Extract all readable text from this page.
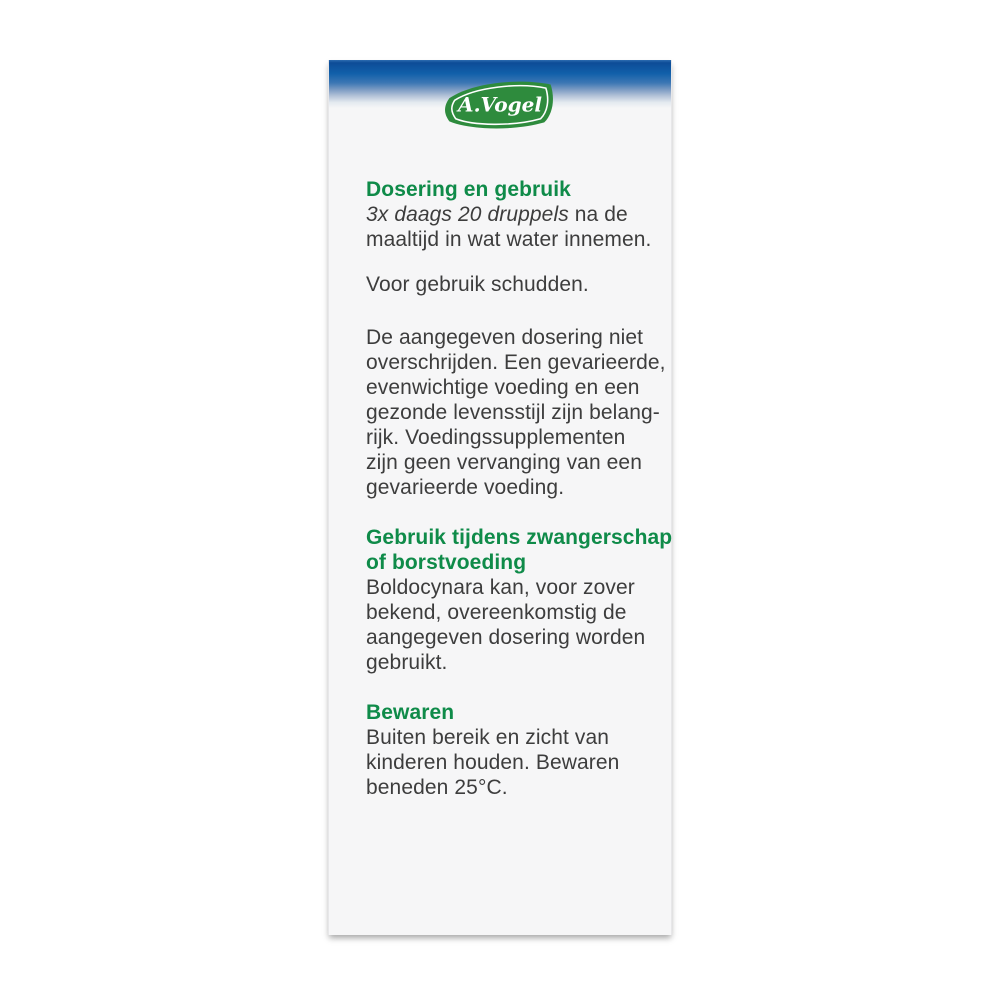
A.Vogel
Dosering en gebruik
3x daags 20 druppels na de
maaltijd in wat water innemen.
Voor gebruik schudden.
De aangegeven dosering niet
overschrijden. Een gevarieerde,
evenwichtige voeding en een
gezonde levensstijl zijn belang-
rijk. Voedingssupplementen
zijn geen vervanging van een
gevarieerde voeding.
Gebruik tijdens zwangerschap
of borstvoeding
Boldocynara kan, voor zover
bekend, overeenkomstig de
aangegeven dosering worden
gebruikt.
Bewaren
Buiten bereik en zicht van
kinderen houden. Bewaren
beneden 25°C.
